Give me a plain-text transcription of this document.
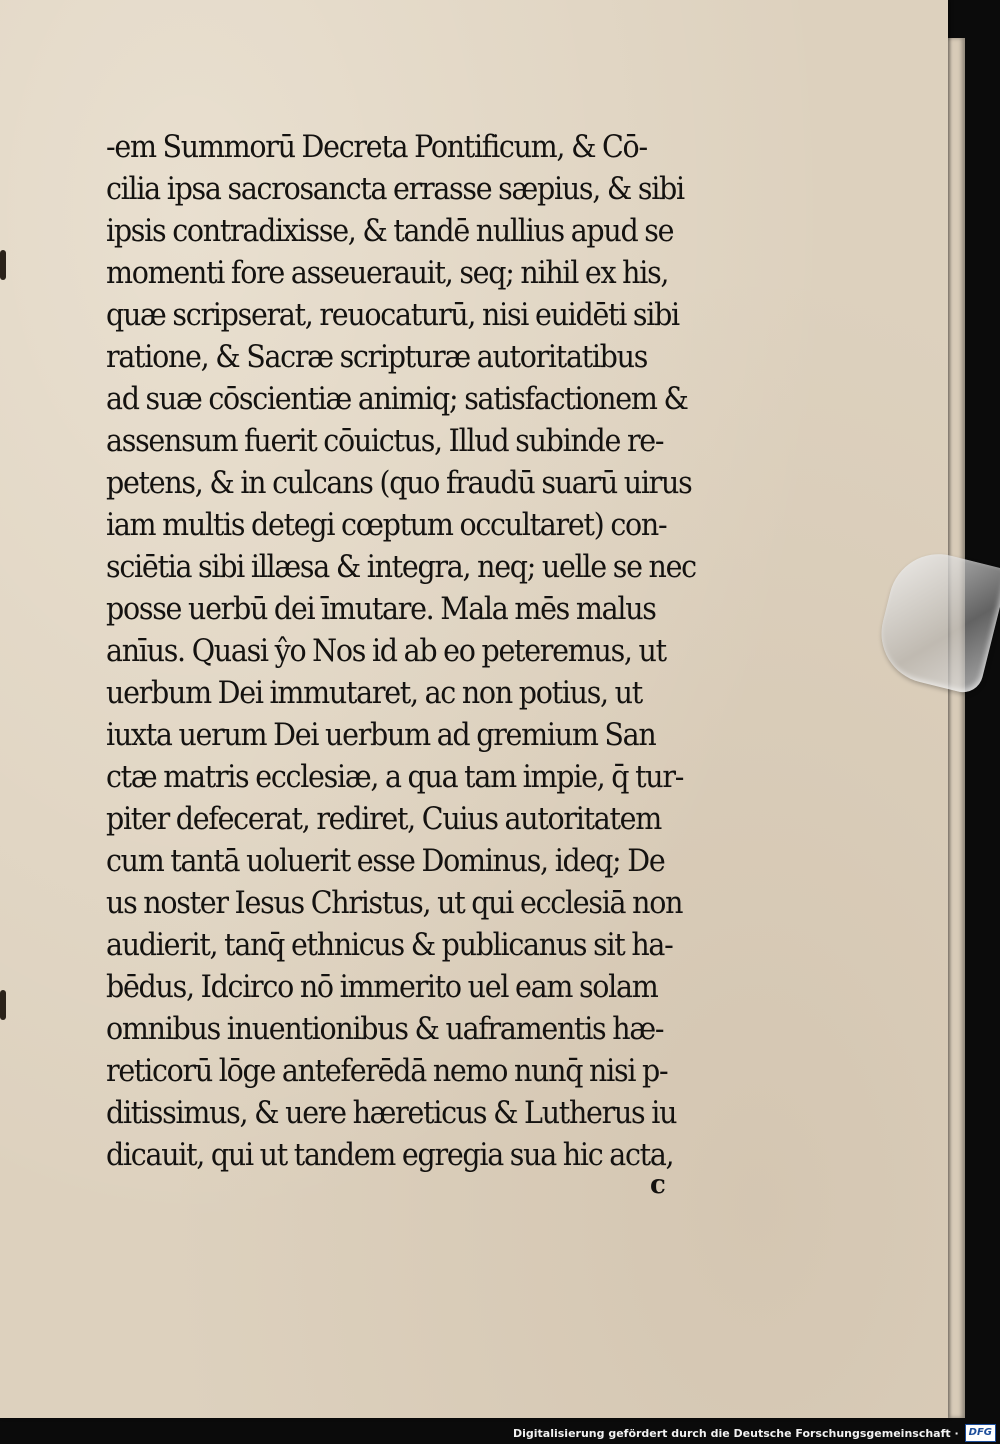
-em Summorū Decreta Pontificum, & Cō-
cilia ipsa sacrosancta errasse sæpius, & sibi
ipsis contradixisse, & tandē nullius apud se
momenti fore asseuerauit, seq; nihil ex his,
quæ scripserat, reuocaturū, nisi euidēti sibi
ratione, & Sacræ scripturæ autoritatibus
ad suæ cōscientiæ animiq; satisfactionem &
assensum fuerit cōuictus, Illud subinde re-
petens, & in culcans (quo fraudū suarū uirus
iam multis detegi cœptum occultaret) con-
sciētia sibi illæsa & integra, neq; uelle se nec
posse uerbū dei īmutare. Mala mēs malus
anīus. Quasi ŷo Nos id ab eo peteremus, ut
uerbum Dei immutaret, ac non potius, ut
iuxta uerum Dei uerbum ad gremium San
ctæ matris ecclesiæ, a qua tam impie, q̄ tur-
piter defecerat, rediret, Cuius autoritatem
cum tantā uoluerit esse Dominus, ideq; De
us noster Iesus Christus, ut qui ecclesiā non
audierit, tanq̄ ethnicus & publicanus sit ha-
bēdus, Idcirco nō immerito uel eam solam
omnibus inuentionibus & uaframentis hæ-
reticorū lōge anteferēdā nemo nunq̄ nisi p-
ditissimus, & uere hæreticus & Lutherus iu
dicauit, qui ut tandem egregia sua hic acta,
c
Digitalisierung gefördert durch die Deutsche Forschungsgemeinschaft ·	DFG
